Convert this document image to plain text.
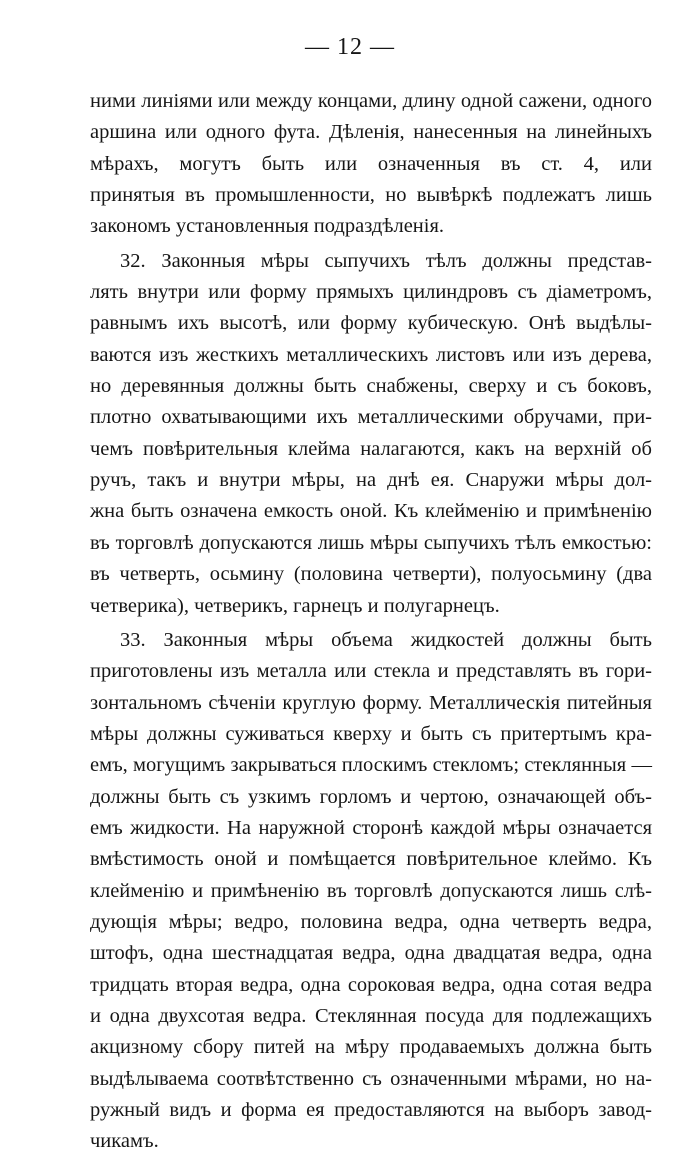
— 12 —
ними линіями или между концами, длину одной сажени, одного
аршина или одного фута. Дѣленія, нанесенныя на линейныхъ
мѣрахъ, могутъ быть или означенныя въ ст. 4, или
принятыя въ промышленности, но вывѣркѣ подлежатъ лишь
закономъ установленныя подраздѣленія.
32. Законныя мѣры сыпучихъ тѣлъ должны представ-
лять внутри или форму прямыхъ цилиндровъ съ діаметромъ,
равнымъ ихъ высотѣ, или форму кубическую. Онѣ выдѣлы-
ваются изъ жесткихъ металлическихъ листовъ или изъ дерева,
но деревянныя должны быть снабжены, сверху и съ боковъ,
плотно охватывающими ихъ металлическими обручами, при-
чемъ повѣрительныя клейма налагаются, какъ на верхній об
ручъ, такъ и внутри мѣры, на днѣ ея. Снаружи мѣры дол-
жна быть означена емкость оной. Къ клейменію и примѣненію
въ торговлѣ допускаются лишь мѣры сыпучихъ тѣлъ емкостью:
въ четверть, осьмину (половина четверти), полуосьмину (два
четверика), четверикъ, гарнецъ и полугарнецъ.
33. Законныя мѣры объема жидкостей должны быть
приготовлены изъ металла или стекла и представлять въ гори-
зонтальномъ сѣченіи круглую форму. Металлическія питейныя
мѣры должны суживаться кверху и быть съ притертымъ кра-
емъ, могущимъ закрываться плоскимъ стекломъ; стеклянныя —
должны быть съ узкимъ горломъ и чертою, означающей объ-
емъ жидкости. На наружной сторонѣ каждой мѣры означается
вмѣстимость оной и помѣщается повѣрительное клеймо. Къ
клейменію и примѣненію въ торговлѣ допускаются лишь слѣ-
дующія мѣры; ведро, половина ведра, одна четверть ведра,
штофъ, одна шестнадцатая ведра, одна двадцатая ведра, одна
тридцать вторая ведра, одна сороковая ведра, одна сотая ведра
и одна двухсотая ведра. Стеклянная посуда для подлежащихъ
акцизному сбору питей на мѣру продаваемыхъ должна быть
выдѣлываема соотвѣтственно съ означенными мѣрами, но на-
ружный видъ и форма ея предоставляются на выборъ завод-
чикамъ.
